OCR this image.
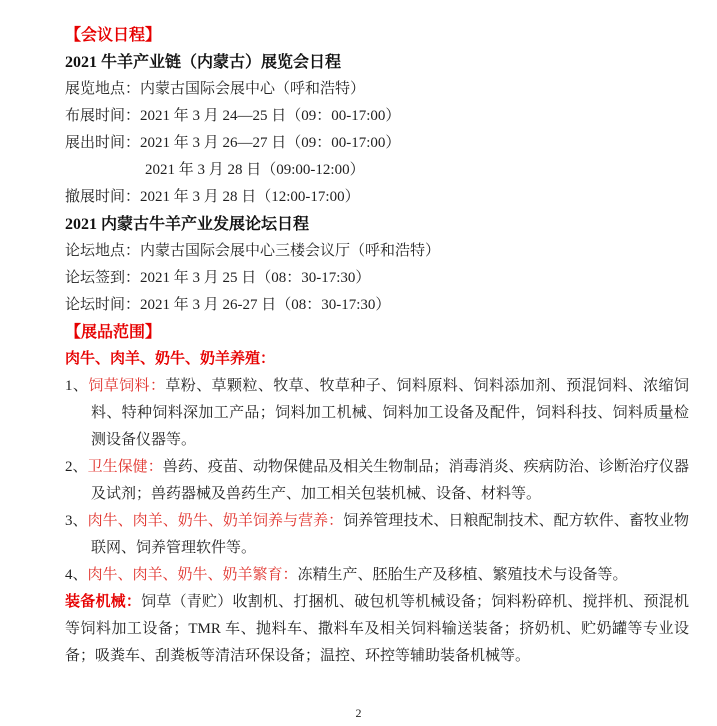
【会议日程】

2021 牛羊产业链（内蒙古）展览会日程

展览地点：内蒙古国际会展中心（呼和浩特）

布展时间：2021 年 3 月 24—25 日（09：00-17:00）

展出时间：2021 年 3 月 26—27 日（09：00-17:00）

2021 年 3 月 28 日（09:00-12:00）

撤展时间：2021 年 3 月 28 日（12:00-17:00）

2021 内蒙古牛羊产业发展论坛日程

论坛地点：内蒙古国际会展中心三楼会议厅（呼和浩特）

论坛签到：2021 年 3 月 25 日（08：30-17:30）

论坛时间：2021 年 3 月 26-27 日（08：30-17:30）

【展品范围】

肉牛、肉羊、奶牛、奶羊养殖：

1、饲草饲料：草粉、草颗粒、牧草、牧草种子、饲料原料、饲料添加剂、预混饲料、浓缩饲料、特种饲料深加工产品；饲料加工机械、饲料加工设备及配件，饲料科技、饲料质量检测设备仪器等。

2、卫生保健：兽药、疫苗、动物保健品及相关生物制品；消毒消炎、疾病防治、诊断治疗仪器及试剂；兽药器械及兽药生产、加工相关包装机械、设备、材料等。

3、肉牛、肉羊、奶牛、奶羊饲养与营养：饲养管理技术、日粮配制技术、配方软件、畜牧业物联网、饲养管理软件等。

4、肉牛、肉羊、奶牛、奶羊繁育：冻精生产、胚胎生产及移植、繁殖技术与设备等。

装备机械：饲草（青贮）收割机、打捆机、破包机等机械设备；饲料粉碎机、搅拌机、预混机等饲料加工设备；TMR 车、抛料车、撒料车及相关饲料输送装备；挤奶机、贮奶罐等专业设备；吸粪车、刮粪板等清洁环保设备；温控、环控等辅助装备机械等。

2
